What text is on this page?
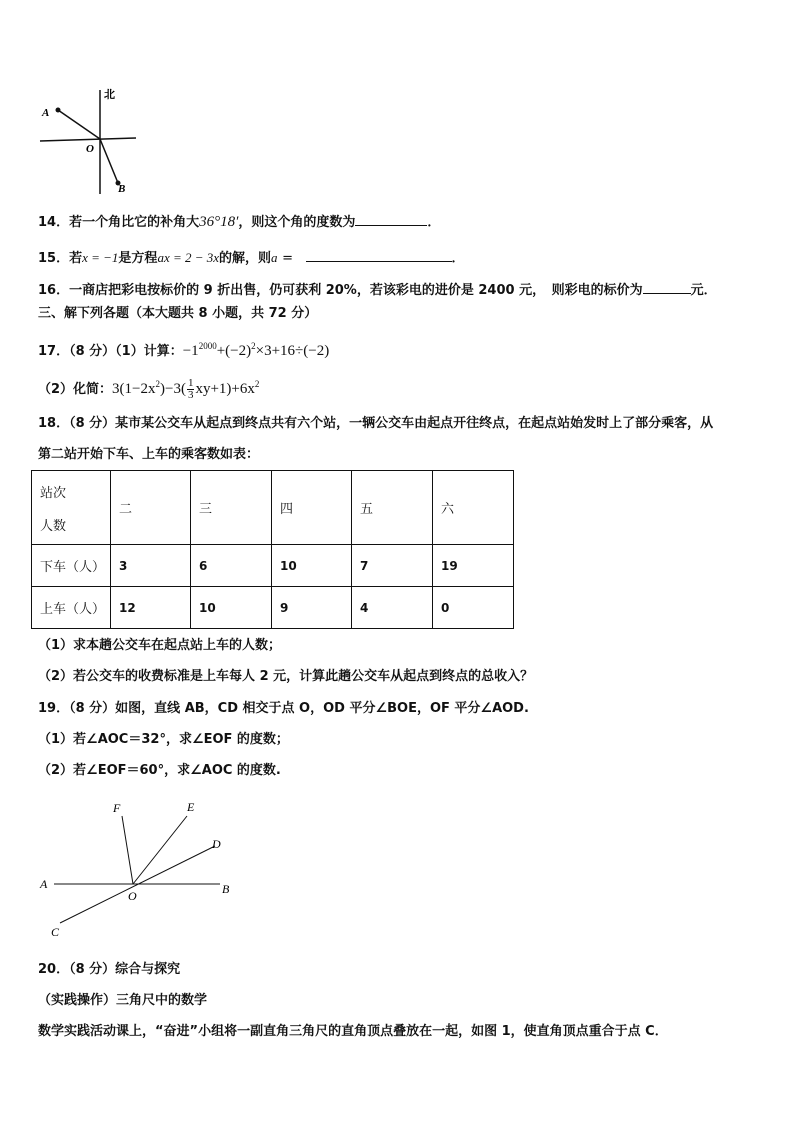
北
A
O
B
14．若一个角比它的补角大36°18′，则这个角的度数为	．
15．若x = −1是方程ax = 2 − 3x的解，则a =	．
16．一商店把彩电按标价的 9 折出售，仍可获利 20%，若该彩电的进价是 2400 元，　则彩电的标价为	元．
三、解下列各题（本大题共 8 小题，共 72 分）
17．（8 分）（1）计算：$-1^{2000}+(-2)^2\times 3+16\div(-2)$
（2）化简：$3(1-2x^2)-3( \frac{1}{3} xy+1)+6x^2$
18．（8 分）某市某公交车从起点到终点共有六个站，一辆公交车由起点开往终点，在起点站始发时上了部分乘客，从
第二站开始下车、上车的乘客数如表：
站次
人数	二	三	四	五	六
下车（人）	3	6	10	7	19
上车（人）	12	10	9	4	0
（1）求本趟公交车在起点站上车的人数；
（2）若公交车的收费标准是上车每人 2 元，计算此趟公交车从起点到终点的总收入？
19．（8 分）如图，直线 AB，CD 相交于点 O，OD 平分∠BOE，OF 平分∠AOD.
（1）若∠AOC＝32°，求∠EOF 的度数；
（2）若∠EOF＝60°，求∠AOC 的度数.
F	E
D
A
O	B
C
20．（8 分）综合与探究
（实践操作）三角尺中的数学
数学实践活动课上，“奋进”小组将一副直角三角尺的直角顶点叠放在一起，如图 1，使直角顶点重合于点 C．
